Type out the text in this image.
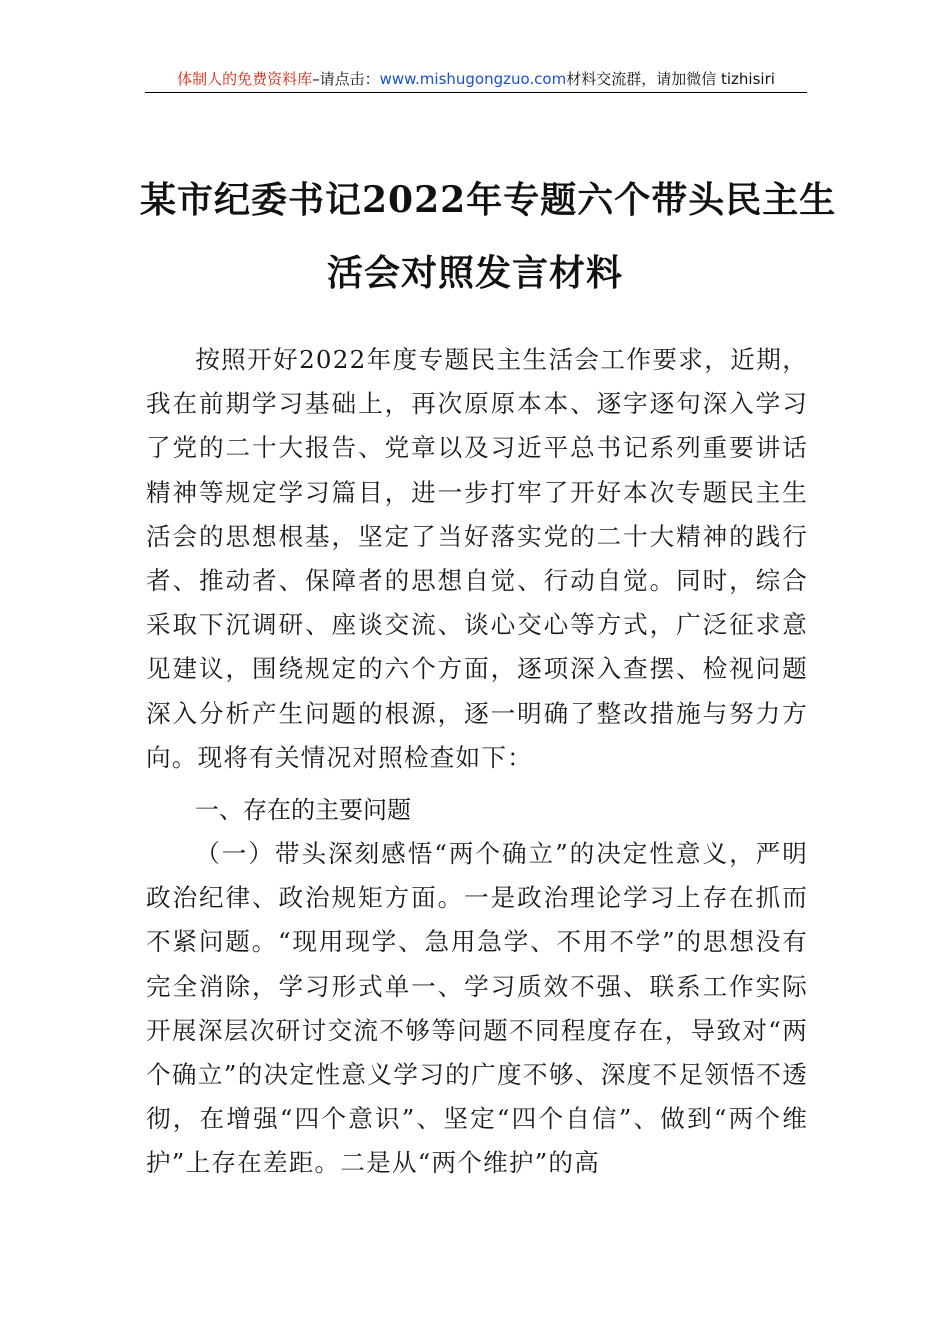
体制人的免费资料库–请点击：www.mishugongzuo.com材料交流群，请加微信 tizhisiri
某市纪委书记2022年专题六个带头民主生
活会对照发言材料

按照开好2022年度专题民主生活会工作要求，近期，我在前期学习基础上，再次原原本本、逐字逐句深入学习了党的二十大报告、党章以及习近平总书记系列重要讲话精神等规定学习篇目，进一步打牢了开好本次专题民主生活会的思想根基，坚定了当好落实党的二十大精神的践行者、推动者、保障者的思想自觉、行动自觉。同时，综合采取下沉调研、座谈交流、谈心交心等方式，广泛征求意见建议，围绕规定的六个方面，逐项深入查摆、检视问题深入分析产生问题的根源，逐一明确了整改措施与努力方向。现将有关情况对照检查如下：

一、存在的主要问题

（一）带头深刻感悟“两个确立”的决定性意义，严明政治纪律、政治规矩方面。一是政治理论学习上存在抓而不紧问题。“现用现学、急用急学、不用不学”的思想没有完全消除，学习形式单一、学习质效不强、联系工作实际开展深层次研讨交流不够等问题不同程度存在，导致对“两个确立”的决定性意义学习的广度不够、深度不足领悟不透彻，在增强“四个意识”、坚定“四个自信”、做到“两个维护”上存在差距。二是从“两个维护”的高
